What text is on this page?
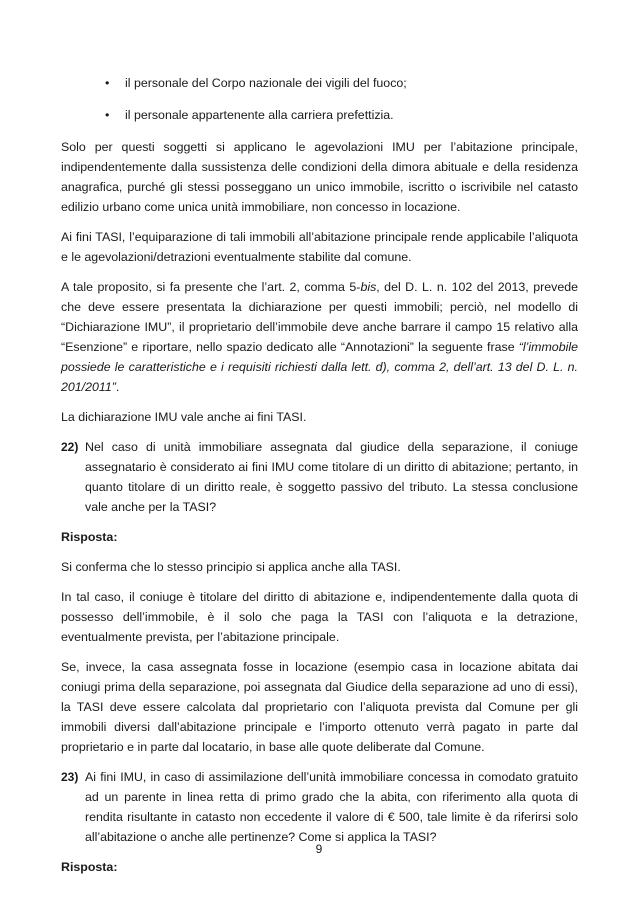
• il personale del Corpo nazionale dei vigili del fuoco;
• il personale appartenente alla carriera prefettizia.

Solo per questi soggetti si applicano le agevolazioni IMU per l’abitazione principale, indipendentemente dalla sussistenza delle condizioni della dimora abituale e della residenza anagrafica, purché gli stessi posseggano un unico immobile, iscritto o iscrivibile nel catasto edilizio urbano come unica unità immobiliare, non concesso in locazione.

Ai fini TASI, l’equiparazione di tali immobili all’abitazione principale rende applicabile l’aliquota e le agevolazioni/detrazioni eventualmente stabilite dal comune.

A tale proposito, si fa presente che l’art. 2, comma 5-bis, del D. L. n. 102 del 2013, prevede che deve essere presentata la dichiarazione per questi immobili; perciò, nel modello di “Dichiarazione IMU”, il proprietario dell’immobile deve anche barrare il campo 15 relativo alla “Esenzione” e riportare, nello spazio dedicato alle “Annotazioni” la seguente frase “l’immobile possiede le caratteristiche e i requisiti richiesti dalla lett. d), comma 2, dell’art. 13 del D. L. n. 201/2011”.

La dichiarazione IMU vale anche ai fini TASI.

22) Nel caso di unità immobiliare assegnata dal giudice della separazione, il coniuge assegnatario è considerato ai fini IMU come titolare di un diritto di abitazione; pertanto, in quanto titolare di un diritto reale, è soggetto passivo del tributo. La stessa conclusione vale anche per la TASI?

Risposta:

Si conferma che lo stesso principio si applica anche alla TASI.

In tal caso, il coniuge è titolare del diritto di abitazione e, indipendentemente dalla quota di possesso dell’immobile, è il solo che paga la TASI con l’aliquota e la detrazione, eventualmente prevista, per l’abitazione principale.

Se, invece, la casa assegnata fosse in locazione (esempio casa in locazione abitata dai coniugi prima della separazione, poi assegnata dal Giudice della separazione ad uno di essi), la TASI deve essere calcolata dal proprietario con l’aliquota prevista dal Comune per gli immobili diversi dall’abitazione principale e l’importo ottenuto verrà pagato in parte dal proprietario e in parte dal locatario, in base alle quote deliberate dal Comune.

23) Ai fini IMU, in caso di assimilazione dell’unità immobiliare concessa in comodato gratuito ad un parente in linea retta di primo grado che la abita, con riferimento alla quota di rendita risultante in catasto non eccedente il valore di € 500, tale limite è da riferirsi solo all’abitazione o anche alle pertinenze? Come si applica la TASI?

Risposta:

9
